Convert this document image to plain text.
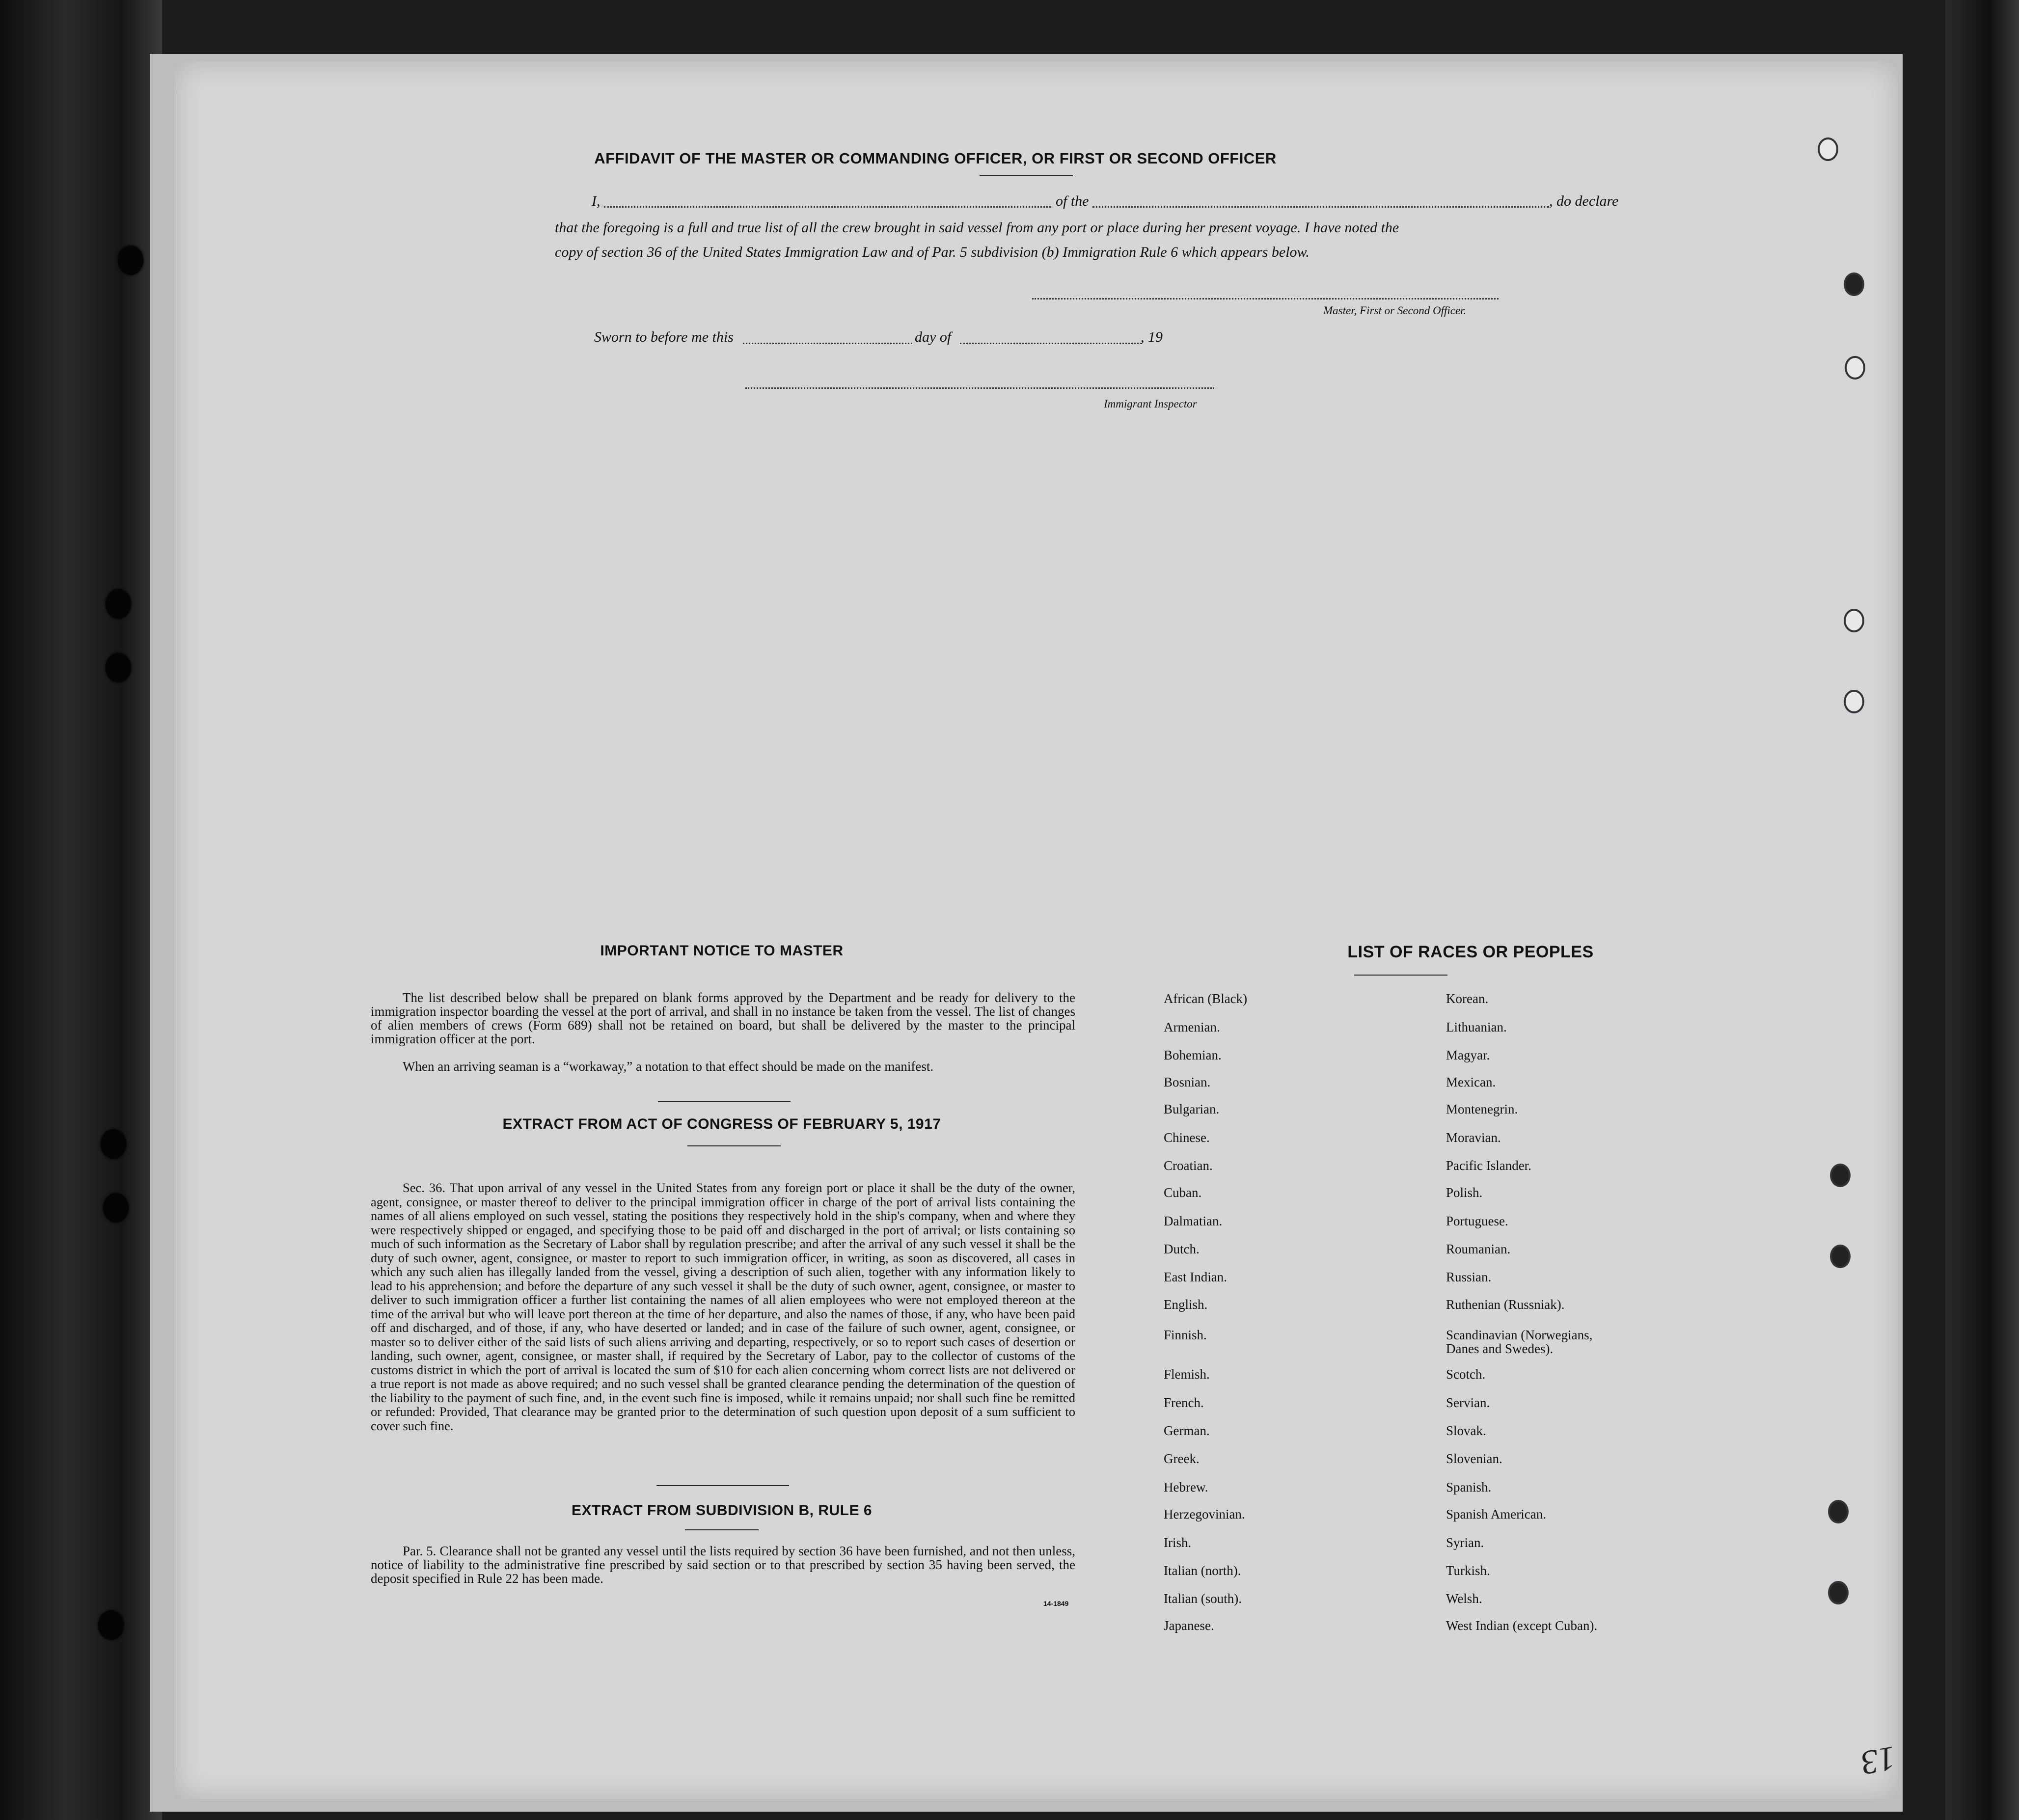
AFFIDAVIT OF THE MASTER OR COMMANDING OFFICER, OR FIRST OR SECOND OFFICER
I,	of the	, do declare
that the foregoing is a full and true list of all the crew brought in said vessel from any port or place during her present voyage. I have noted the
copy of section 36 of the United States Immigration Law and of Par. 5 subdivision (b) Immigration Rule 6 which appears below.
Master, First or Second Officer.
Sworn to before me this	day of	, 19
Immigrant Inspector
IMPORTANT NOTICE TO MASTER
The list described below shall be prepared on blank forms approved by the Department and be ready for delivery to the immigration inspector boarding the vessel at the port of arrival, and shall in no instance be taken from the vessel. The list of changes of alien members of crews (Form 689) shall not be retained on board, but shall be delivered by the master to the principal immigration officer at the port.
When an arriving seaman is a “workaway,” a notation to that effect should be made on the manifest.
EXTRACT FROM ACT OF CONGRESS OF FEBRUARY 5, 1917
Sec. 36. That upon arrival of any vessel in the United States from any foreign port or place it shall be the duty of the owner, agent, consignee, or master thereof to deliver to the principal immigration officer in charge of the port of arrival lists containing the names of all aliens employed on such vessel, stating the positions they respectively hold in the ship's company, when and where they were respectively shipped or engaged, and specifying those to be paid off and discharged in the port of arrival; or lists containing so much of such information as the Secretary of Labor shall by regulation prescribe; and after the arrival of any such vessel it shall be the duty of such owner, agent, consignee, or master to report to such immigration officer, in writing, as soon as discovered, all cases in which any such alien has illegally landed from the vessel, giving a description of such alien, together with any information likely to lead to his apprehension; and before the departure of any such vessel it shall be the duty of such owner, agent, consignee, or master to deliver to such immigration officer a further list containing the names of all alien employees who were not employed thereon at the time of the arrival but who will leave port thereon at the time of her departure, and also the names of those, if any, who have been paid off and discharged, and of those, if any, who have deserted or landed; and in case of the failure of such owner, agent, consignee, or master so to deliver either of the said lists of such aliens arriving and departing, respectively, or so to report such cases of desertion or landing, such owner, agent, consignee, or master shall, if required by the Secretary of Labor, pay to the collector of customs of the customs district in which the port of arrival is located the sum of $10 for each alien concerning whom correct lists are not delivered or a true report is not made as above required; and no such vessel shall be granted clearance pending the determination of the question of the liability to the payment of such fine, and, in the event such fine is imposed, while it remains unpaid; nor shall such fine be remitted or refunded: Provided, That clearance may be granted prior to the determination of such question upon deposit of a sum sufficient to cover such fine.
EXTRACT FROM SUBDIVISION B, RULE 6
Par. 5. Clearance shall not be granted any vessel until the lists required by section 36 have been furnished, and not then unless, notice of liability to the administrative fine prescribed by said section or to that prescribed by section 35 having been served, the deposit specified in Rule 22 has been made.
14-1849
LIST OF RACES OR PEOPLES
13
African (Black)
Armenian.
Bohemian.
Bosnian.
Bulgarian.
Chinese.
Croatian.
Cuban.
Dalmatian.
Dutch.
East Indian.
English.
Finnish.
Flemish.
French.
German.
Greek.
Hebrew.
Herzegovinian.
Irish.
Italian (north).
Italian (south).
Japanese.
Korean.
Lithuanian.
Magyar.
Mexican.
Montenegrin.
Moravian.
Pacific Islander.
Polish.
Portuguese.
Roumanian.
Russian.
Ruthenian (Russniak).
Scandinavian (Norwegians, Danes and Swedes).
Scotch.
Servian.
Slovak.
Slovenian.
Spanish.
Spanish American.
Syrian.
Turkish.
Welsh.
West Indian (except Cuban).
